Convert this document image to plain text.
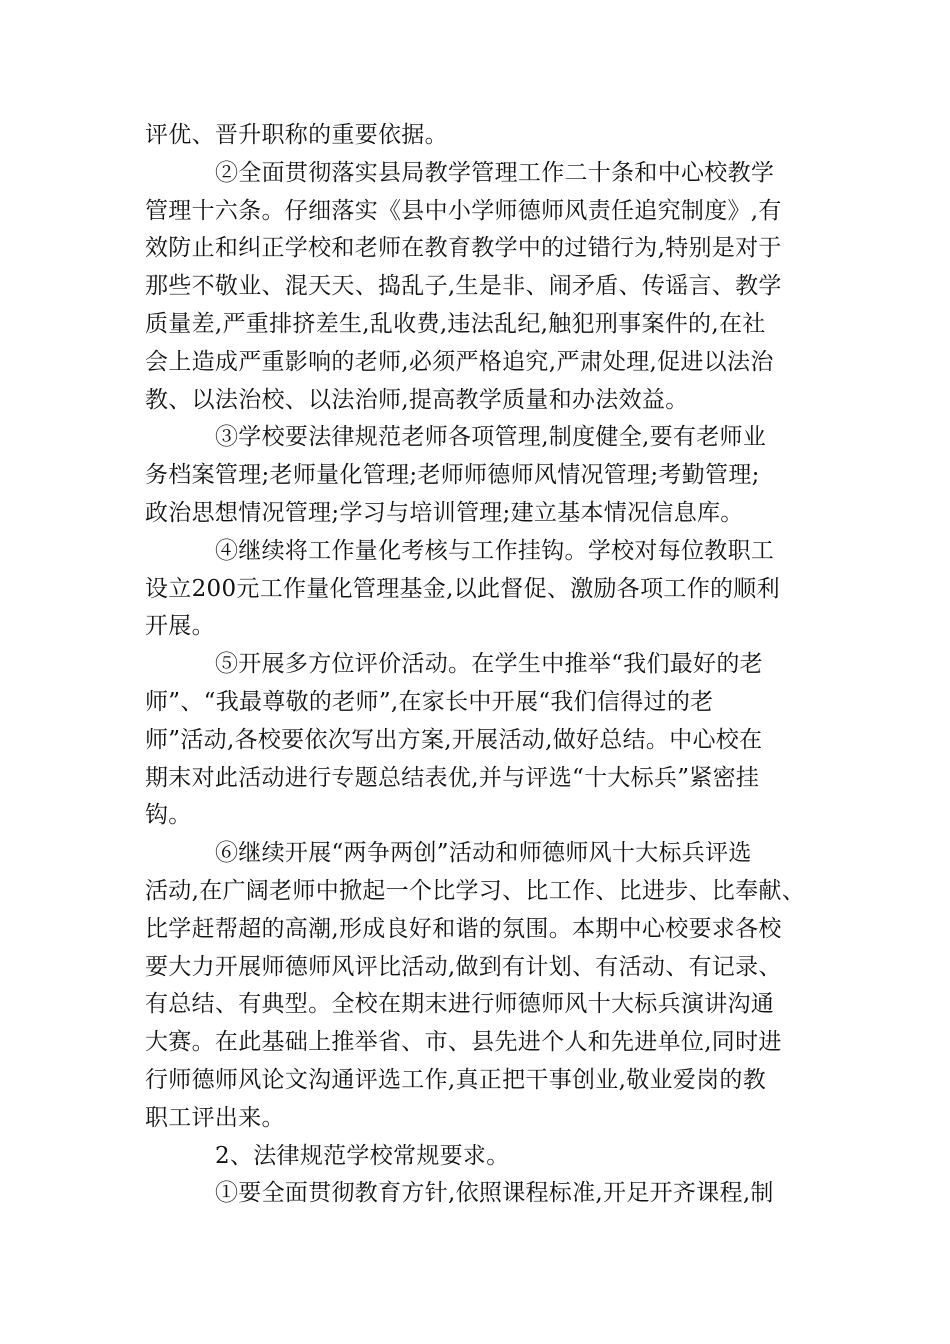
评优、晋升职称的重要依据。
②全面贯彻落实县局教学管理工作二十条和中心校教学
管理十六条。仔细落实《县中小学师德师风责任追究制度》,有
效防止和纠正学校和老师在教育教学中的过错行为,特别是对于
那些不敬业、混天天、捣乱子,生是非、闹矛盾、传谣言、教学
质量差,严重排挤差生,乱收费,违法乱纪,触犯刑事案件的,在社
会上造成严重影响的老师,必须严格追究,严肃处理,促进以法治
教、以法治校、以法治师,提高教学质量和办法效益。
③学校要法律规范老师各项管理,制度健全,要有老师业
务档案管理;老师量化管理;老师师德师风情况管理;考勤管理;
政治思想情况管理;学习与培训管理;建立基本情况信息库。
④继续将工作量化考核与工作挂钩。学校对每位教职工
设立200元工作量化管理基金,以此督促、激励各项工作的顺利
开展。
⑤开展多方位评价活动。在学生中推举“我们最好的老
师”、“我最尊敬的老师”,在家长中开展“我们信得过的老
师”活动,各校要依次写出方案,开展活动,做好总结。中心校在
期末对此活动进行专题总结表优,并与评选“十大标兵”紧密挂
钩。
⑥继续开展“两争两创”活动和师德师风十大标兵评选
活动,在广阔老师中掀起一个比学习、比工作、比进步、比奉献、
比学赶帮超的高潮,形成良好和谐的氛围。本期中心校要求各校
要大力开展师德师风评比活动,做到有计划、有活动、有记录、
有总结、有典型。全校在期末进行师德师风十大标兵演讲沟通
大赛。在此基础上推举省、市、县先进个人和先进单位,同时进
行师德师风论文沟通评选工作,真正把干事创业,敬业爱岗的教
职工评出来。
2、法律规范学校常规要求。
①要全面贯彻教育方针,依照课程标准,开足开齐课程,制
